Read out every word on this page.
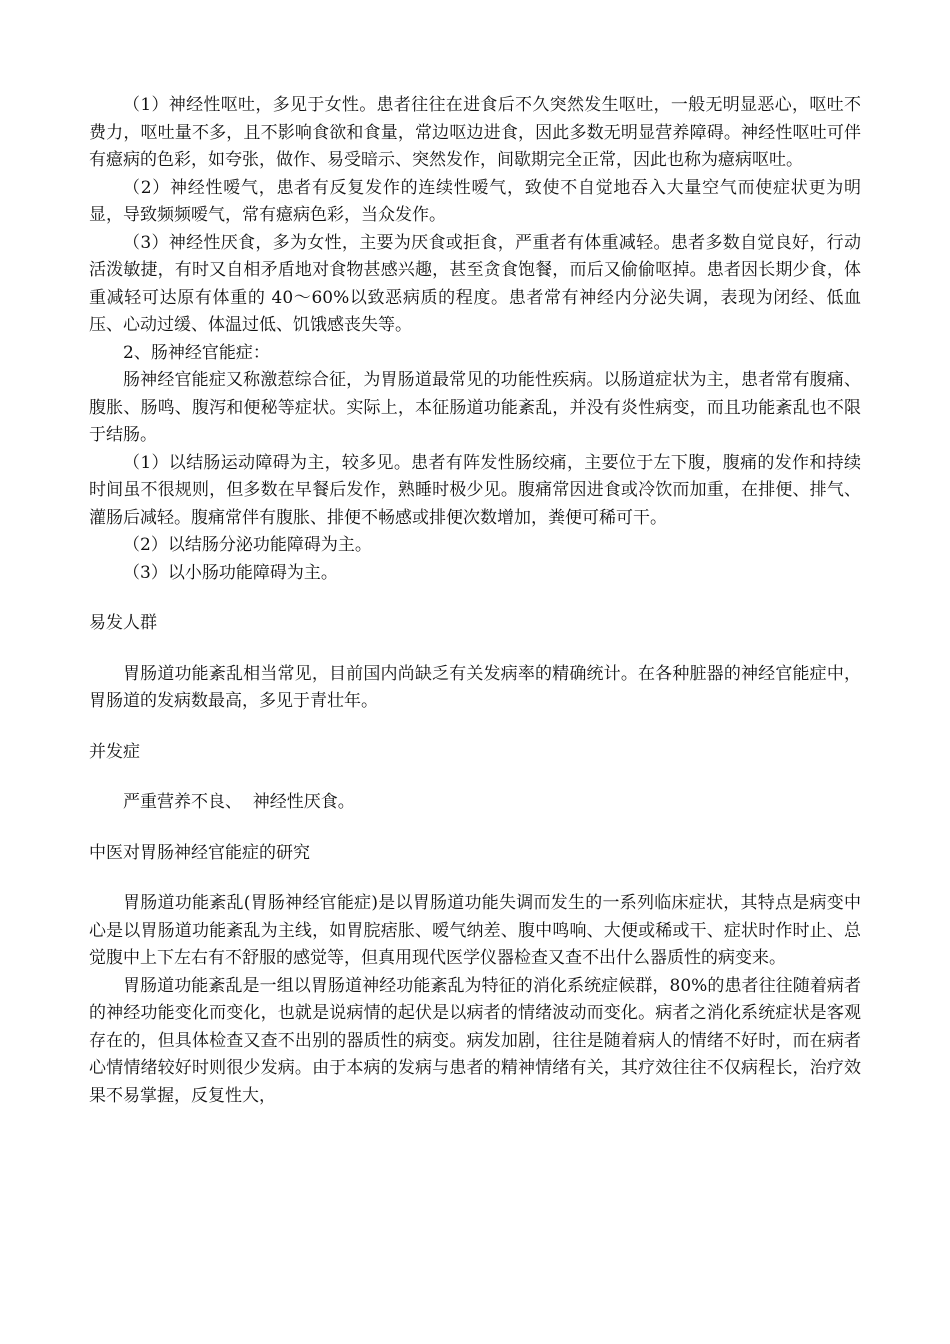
（1）神经性呕吐，多见于女性。患者往往在进食后不久突然发生呕吐，一般无明显恶心，呕吐不费力，呕吐量不多，且不影响食欲和食量，常边呕边进食，因此多数无明显营养障碍。神经性呕吐可伴有癔病的色彩，如夸张，做作、易受暗示、突然发作，间歇期完全正常，因此也称为癔病呕吐。

（2）神经性嗳气，患者有反复发作的连续性嗳气，致使不自觉地吞入大量空气而使症状更为明显，导致频频嗳气，常有癔病色彩，当众发作。

（3）神经性厌食，多为女性，主要为厌食或拒食，严重者有体重减轻。患者多数自觉良好，行动活泼敏捷，有时又自相矛盾地对食物甚感兴趣，甚至贪食饱餐，而后又偷偷呕掉。患者因长期少食，体重减轻可达原有体重的 40～60%以致恶病质的程度。患者常有神经内分泌失调，表现为闭经、低血压、心动过缓、体温过低、饥饿感丧失等。

2、肠神经官能症：

肠神经官能症又称激惹综合征，为胃肠道最常见的功能性疾病。以肠道症状为主，患者常有腹痛、腹胀、肠鸣、腹泻和便秘等症状。实际上，本征肠道功能紊乱，并没有炎性病变，而且功能紊乱也不限于结肠。

（1）以结肠运动障碍为主，较多见。患者有阵发性肠绞痛，主要位于左下腹，腹痛的发作和持续时间虽不很规则，但多数在早餐后发作，熟睡时极少见。腹痛常因进食或冷饮而加重，在排便、排气、灌肠后减轻。腹痛常伴有腹胀、排便不畅感或排便次数增加，粪便可稀可干。

（2）以结肠分泌功能障碍为主。

（3）以小肠功能障碍为主。

易发人群

胃肠道功能紊乱相当常见，目前国内尚缺乏有关发病率的精确统计。在各种脏器的神经官能症中，胃肠道的发病数最高，多见于青壮年。

并发症

严重营养不良、  神经性厌食。

中医对胃肠神经官能症的研究

胃肠道功能紊乱(胃肠神经官能症)是以胃肠道功能失调而发生的一系列临床症状，其特点是病变中心是以胃肠道功能紊乱为主线，如胃脘痞胀、嗳气纳差、腹中鸣响、大便或稀或干、症状时作时止、总觉腹中上下左右有不舒服的感觉等，但真用现代医学仪器检查又查不出什么器质性的病变来。

胃肠道功能紊乱是一组以胃肠道神经功能紊乱为特征的消化系统症候群，80%的患者往往随着病者的神经功能变化而变化，也就是说病情的起伏是以病者的情绪波动而变化。病者之消化系统症状是客观存在的，但具体检查又查不出别的器质性的病变。病发加剧，往往是随着病人的情绪不好时，而在病者心情情绪较好时则很少发病。由于本病的发病与患者的精神情绪有关，其疗效往往不仅病程长，治疗效果不易掌握，反复性大，
